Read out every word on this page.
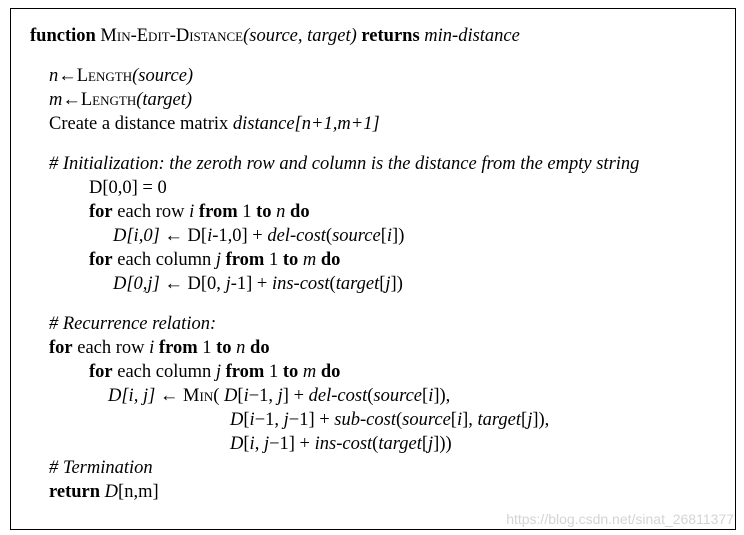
function Min-Edit-Distance(source, target) returns min-distance
n←Length(source)
m←Length(target)
Create a distance matrix distance[n+1,m+1]
# Initialization: the zeroth row and column is the distance from the empty string
D[0,0] = 0
for each row i from 1 to n do
D[i,0] ← D[i-1,0] + del-cost(source[i])
for each column j from 1 to m do
D[0,j] ← D[0, j-1] + ins-cost(target[j])
# Recurrence relation:
for each row i from 1 to n do
for each column j from 1 to m do
D[i, j] ← Min( D[i−1, j] + del-cost(source[i]),
D[i−1, j−1] + sub-cost(source[i], target[j]),
D[i, j−1] + ins-cost(target[j]))
# Termination
return D[n,m]
https://blog.csdn.net/sinat_26811377
